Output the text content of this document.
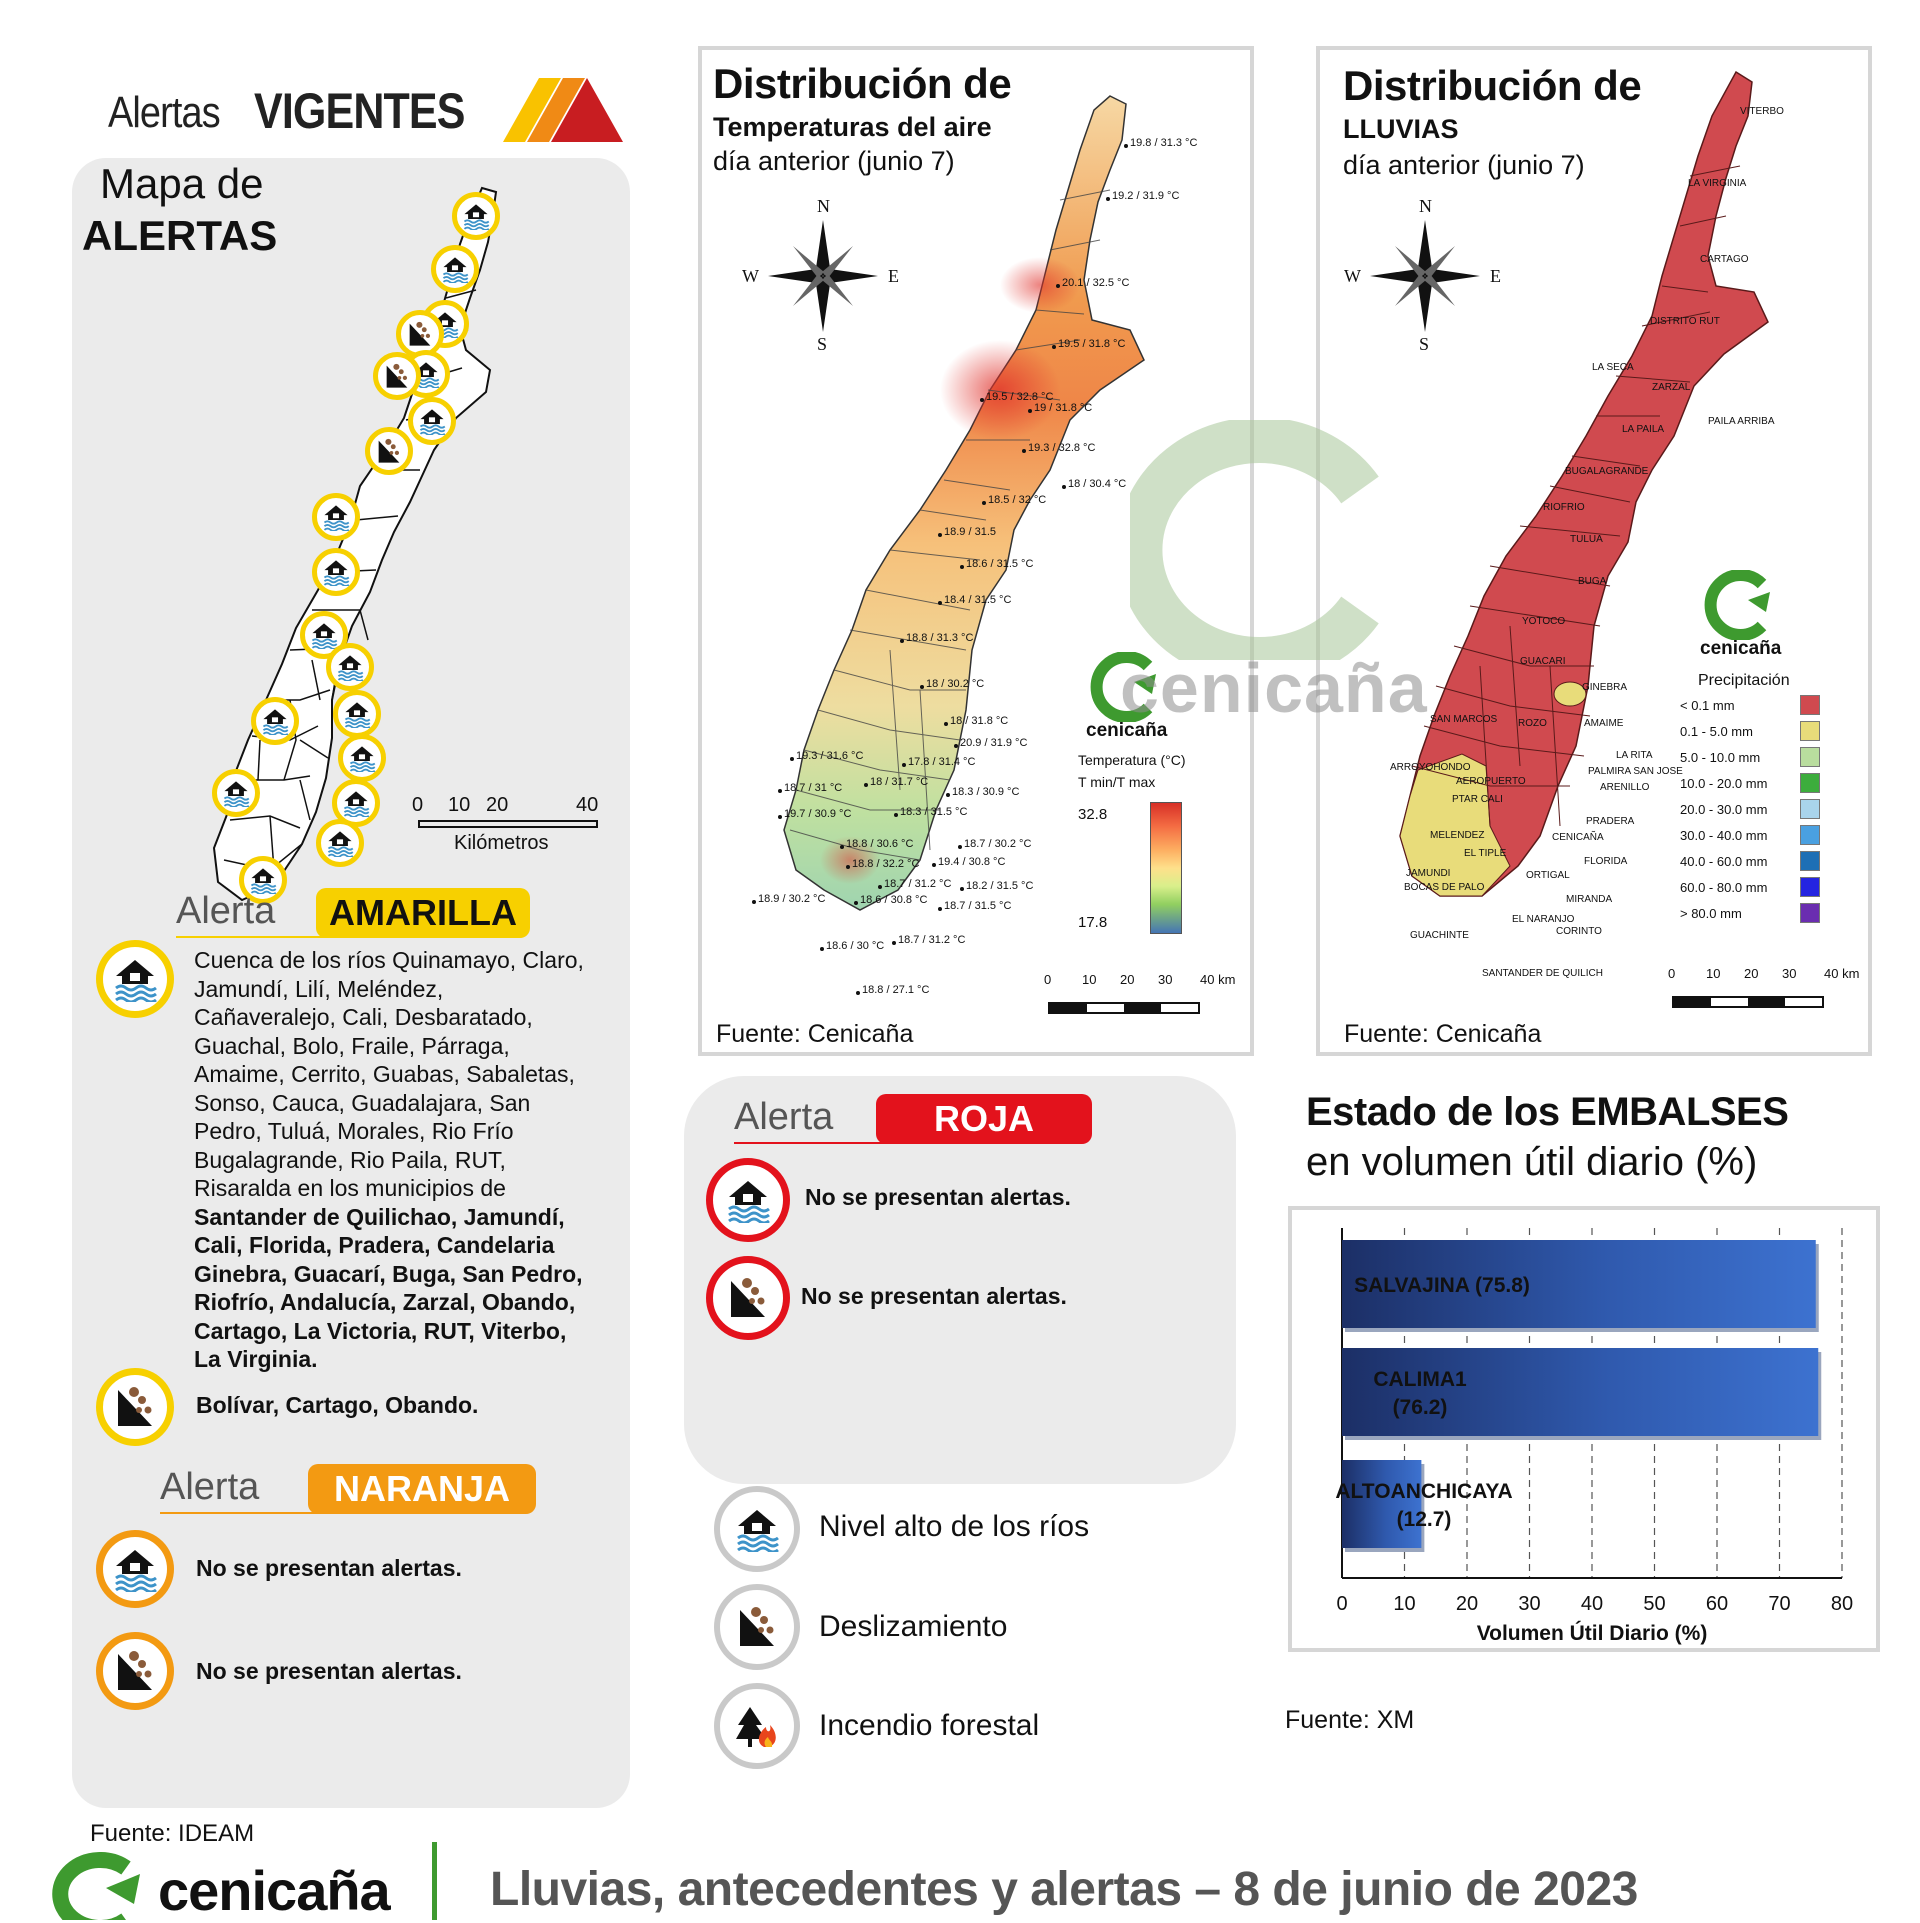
Alertas VIGENTES
Mapa de
ALERTAS
0 10 20	40
Kilómetros
Alerta	AMARILLA
Cuenca de los ríos Quinamayo, Claro, Jamundí, Lilí, Meléndez, Cañaveralejo, Cali, Desbaratado, Guachal, Bolo, Fraile, Párraga, Amaime, Cerrito, Guabas, Sabaletas, Sonso, Cauca, Guadalajara, San Pedro, Tuluá, Morales, Rio Frío Bugalagrande, Rio Paila, RUT, Risaralda en los municipios de Santander de Quilichao, Jamundí, Cali, Florida, Pradera, Candelaria Ginebra, Guacarí, Buga, San Pedro, Riofrío, Andalucía, Zarzal, Obando, Cartago, La Victoria, RUT, Viterbo, La Virginia.
Bolívar, Cartago, Obando.
Alerta	NARANJA
No se presentan alertas.
No se presentan alertas.
Fuente: IDEAM
Distribución de
Temperaturas del aire
día anterior (junio 7)
N
S
W	E
19.8 / 31.3 °C
19.2 / 31.9 °C
20.1 / 32.5 °C
19.5 / 31.8 °C
19.5 / 32.8 °C
19 / 31.8 °C
19.3 / 32.8 °C
18 / 30.4 °C
18.5 / 32 °C
18.9 / 31.5
18.6 / 31.5 °C
18.4 / 31.5 °C
18.8 / 31.3 °C
18 / 30.2 °C
18 / 31.8 °C
20.9 / 31.9 °C
19.3 / 31.6 °C	17.8 / 31.4 °C
18.7 / 31 °C	18 / 31.7 °C
18.3 / 30.9 °C
19.7 / 30.9 °C	18.3 / 31.5 °C
18.8 / 30.6 °C	18.7 / 30.2 °C
18.8 / 32.2 °C 19.4 / 30.8 °C
18.7 / 31.2 °C 18.2 / 31.5 °C
18.9 / 30.2 °C	18.6 / 30.8 °C 18.7 / 31.5 °C
18.6 / 30 °C 18.7 / 31.2 °C
18.8 / 27.1 °C
cenicaña
Temperatura (°C)
T min/T max
32.8
17.8
0 10 20 30 40 km
Fuente: Cenicaña
Distribución de
LLUVIAS
día anterior (junio 7)
N
S
W	E
VITERBO
LA VIRGINIA
CARTAGO
DISTRITO RUT
LA SECA
ZARZAL
LA PAILA
PAILA ARRIBA
BUGALAGRANDE
RIOFRIO
TULUA
BUGA
YOTOCO
GUACARI
GINEBRA
SAN MARCOS ROZO	AMAIME
LA RITA
PALMIRA SAN JOSE
ARENILLO
ARROYOHONDO
AEROPUERTO
PTAR CALI
PRADERA
CENICAÑA
MELENDEZ
EL TIPLE
FLORIDA
JAMUNDI
BOCAS DE PALO
ORTIGAL
MIRANDA
EL NARANJO
CORINTO
GUACHINTE
SANTANDER DE QUILICH
cenicaña
Precipitación
< 0.1 mm
0.1 - 5.0 mm
5.0 - 10.0 mm
10.0 - 20.0 mm
20.0 - 30.0 mm
30.0 - 40.0 mm
40.0 - 60.0 mm
60.0 - 80.0 mm
> 80.0 mm
0 10 20 30 40 km
Fuente: Cenicaña
cenicaña
Alerta	ROJA
No se presentan alertas.
No se presentan alertas.
Nivel alto de los ríos
Deslizamiento
Incendio forestal
Estado de los EMBALSES
en volumen útil diario (%)
0 10 20 30 40 50 60 70 80
Volumen Útil Diario (%)
SALVAJINA (75.8)
CALIMA1
(76.2)
ALTOANCHICAYA
(12.7)
Fuente: XM
cenicaña Lluvias, antecedentes y alertas – 8 de junio de 2023
